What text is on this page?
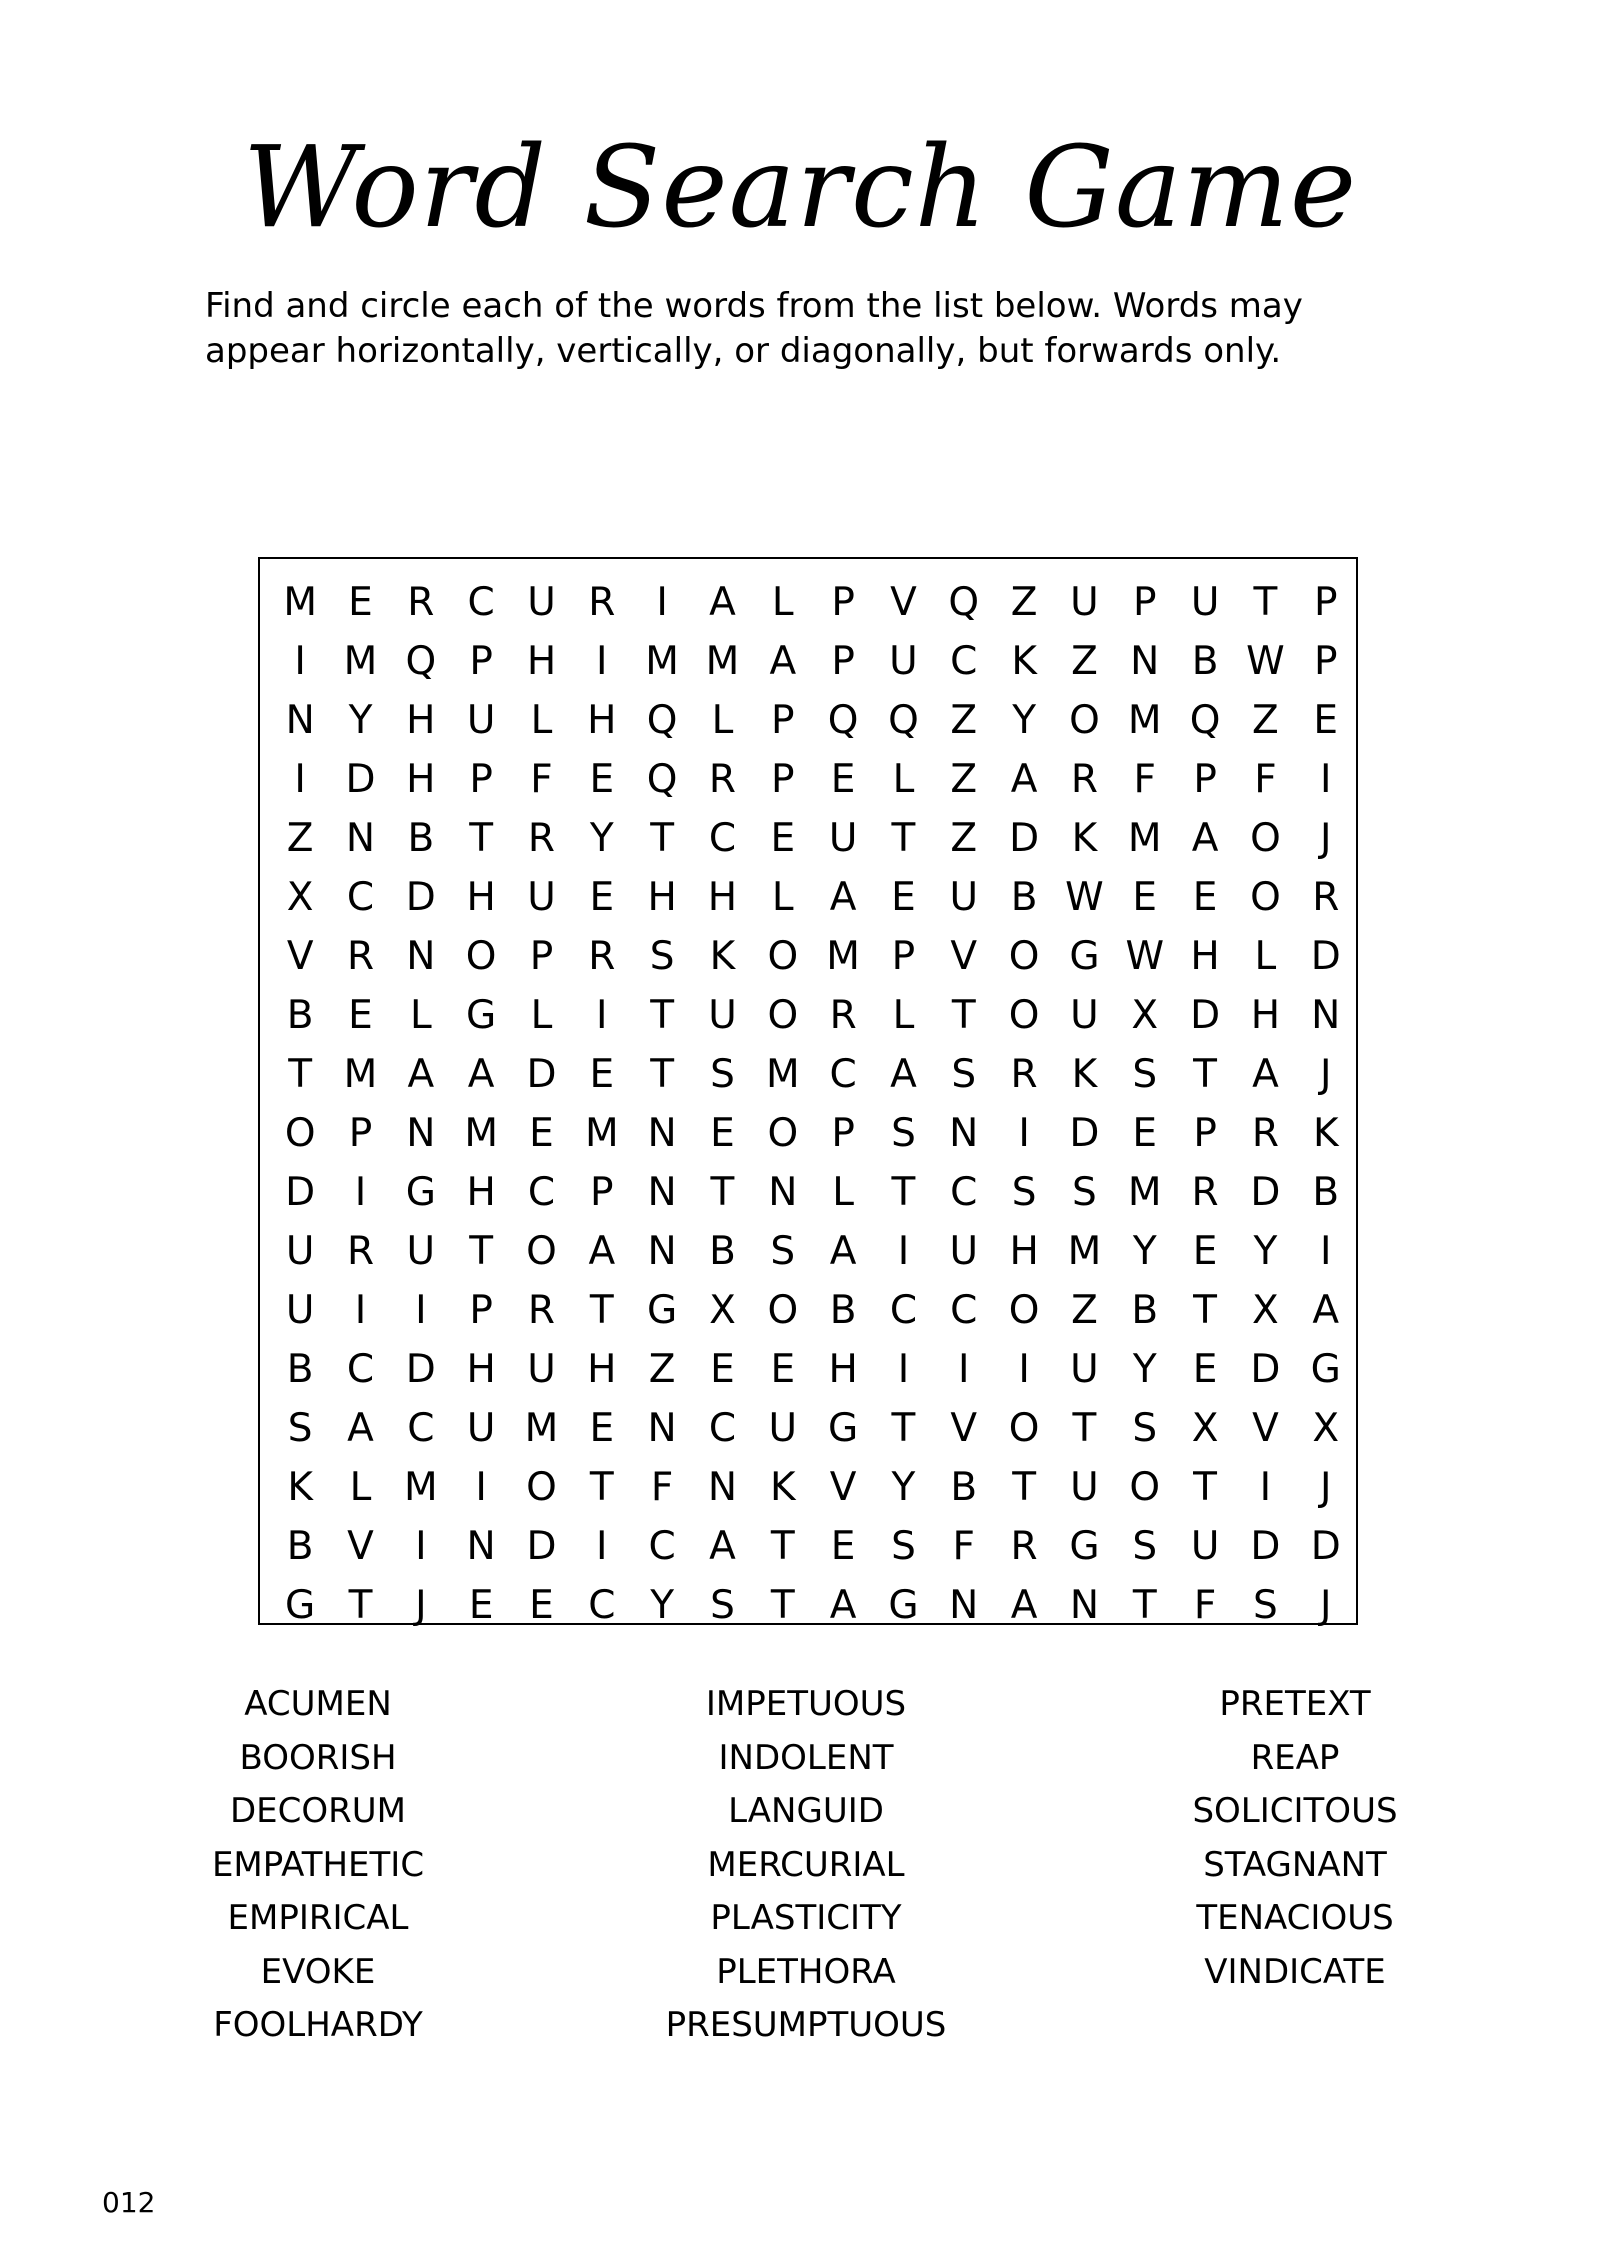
Word Search Game

Find and circle each of the words from the list below. Words may appear horizontally, vertically, or diagonally, but forwards only.

M E R C U R	I	A L P V Q Z U P U T P
I M Q P H	I M M A P U C K Z N B W P
N Y H U L H Q L P Q Q Z Y O M Q Z E
I	D H P F E Q R P E L Z A R F P F	I
Z N B T R Y T C E U T Z D K M A O	J
X C D H U E H H L A E U B W E E O R
V R N O P R S K O M P V O G W H L D
B E L G L	I	T U O R L T O U X D H N
T M A A D E T S M C A S R K S T A	J
O P N M E M N E O P S N	I	D E P R K
D	I	G H C P N T N L T C S S M R D B
U R U T O A N B S A	I	U H M Y E Y	I
U	I	I	P R T G X O B C C O Z B T X A
B C D H U H Z E E H	I	I	I	U Y E D G
S A C U M E N C U G T V O T S X V X
K L M I	O T F N K V Y B T U O T	I	J
B V	I	N D	I	C A T E S F R G S U D D
G T	J	E E C Y S T A G N A N T F S	J
ACUMEN
BOORISH
DECORUM
EMPATHETIC
EMPIRICAL
EVOKE
FOOLHARDY
IMPETUOUS
INDOLENT
LANGUID
MERCURIAL
PLASTICITY
PLETHORA
PRESUMPTUOUS
PRETEXT
REAP
SOLICITOUS
STAGNANT
TENACIOUS
VINDICATE
012
